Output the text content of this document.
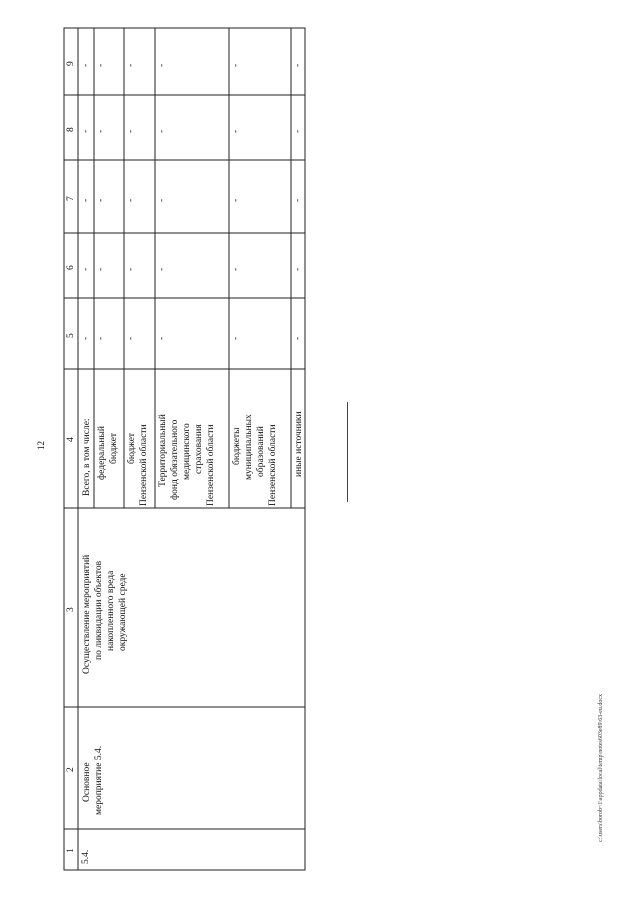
12
c:\users\borob~1\appdata\local\temp\notes603e89\63-eu.docx
1
2
3
4
5
6
7
8
9
5.4.
Основное мероприятие 5.4.
Осуществление мероприятий по ликвидации объектов накопленного вреда окружающей среде
Всего, в том числе: федеральный бюджет бюджет Пензенской области Территориальный фонд обязательного медицинского страхования Пензенской области бюджеты муниципальных образований Пензенской области иные источники
-
-
-
-
-
-
-
-
-
-
-
-
-
-
-
-
-
-
-
-
-
-
-
-
-
-
-
-
-
-
